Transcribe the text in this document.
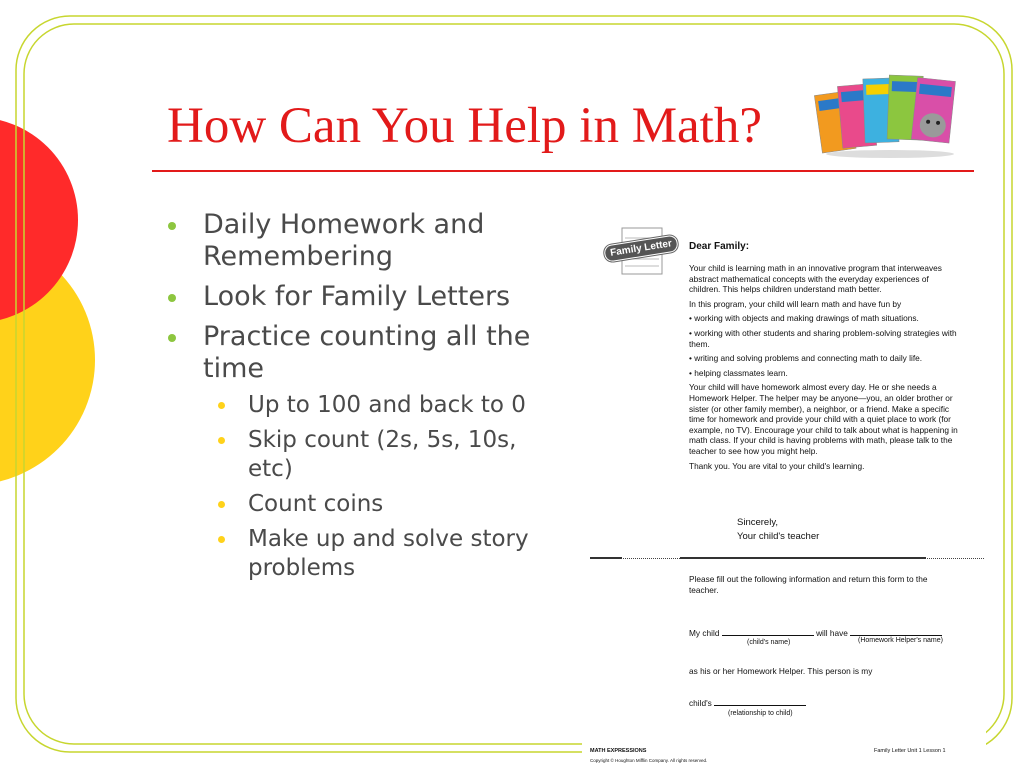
How Can You Help in Math?
Daily Homework and Remembering
Look for Family Letters
Practice counting all the time
Up to 100 and back to 0
Skip count (2s, 5s, 10s, etc)
Count coins
Make up and solve story problems
Family Letter	Dear Family:

Your child is learning math in an innovative program that interweaves abstract mathematical concepts with the everyday experiences of children. This helps children understand math better.

In this program, your child will learn math and have fun by

• working with objects and making drawings of math situations.

• working with other students and sharing problem-solving strategies with them.

• writing and solving problems and connecting math to daily life.

• helping classmates learn.

Your child will have homework almost every day. He or she needs a Homework Helper. The helper may be anyone—you, an older brother or sister (or other family member), a neighbor, or a friend. Make a specific time for homework and provide your child with a quiet place to work (for example, no TV). Encourage your child to talk about what is happening in math class. If your child is having problems with math, please talk to the teacher to see how you might help.

Thank you. You are vital to your child's learning.

Sincerely,
Your child's teacher
Please fill out the following information and return this form to the teacher.
My child	will have
(child's name)	(Homework Helper's name)
as his or her Homework Helper. This person is my
child's
(relationship to child)
MATH EXPRESSIONS
Copyright © Houghton Mifflin Company. All rights reserved.
Family Letter Unit 1 Lesson 1
